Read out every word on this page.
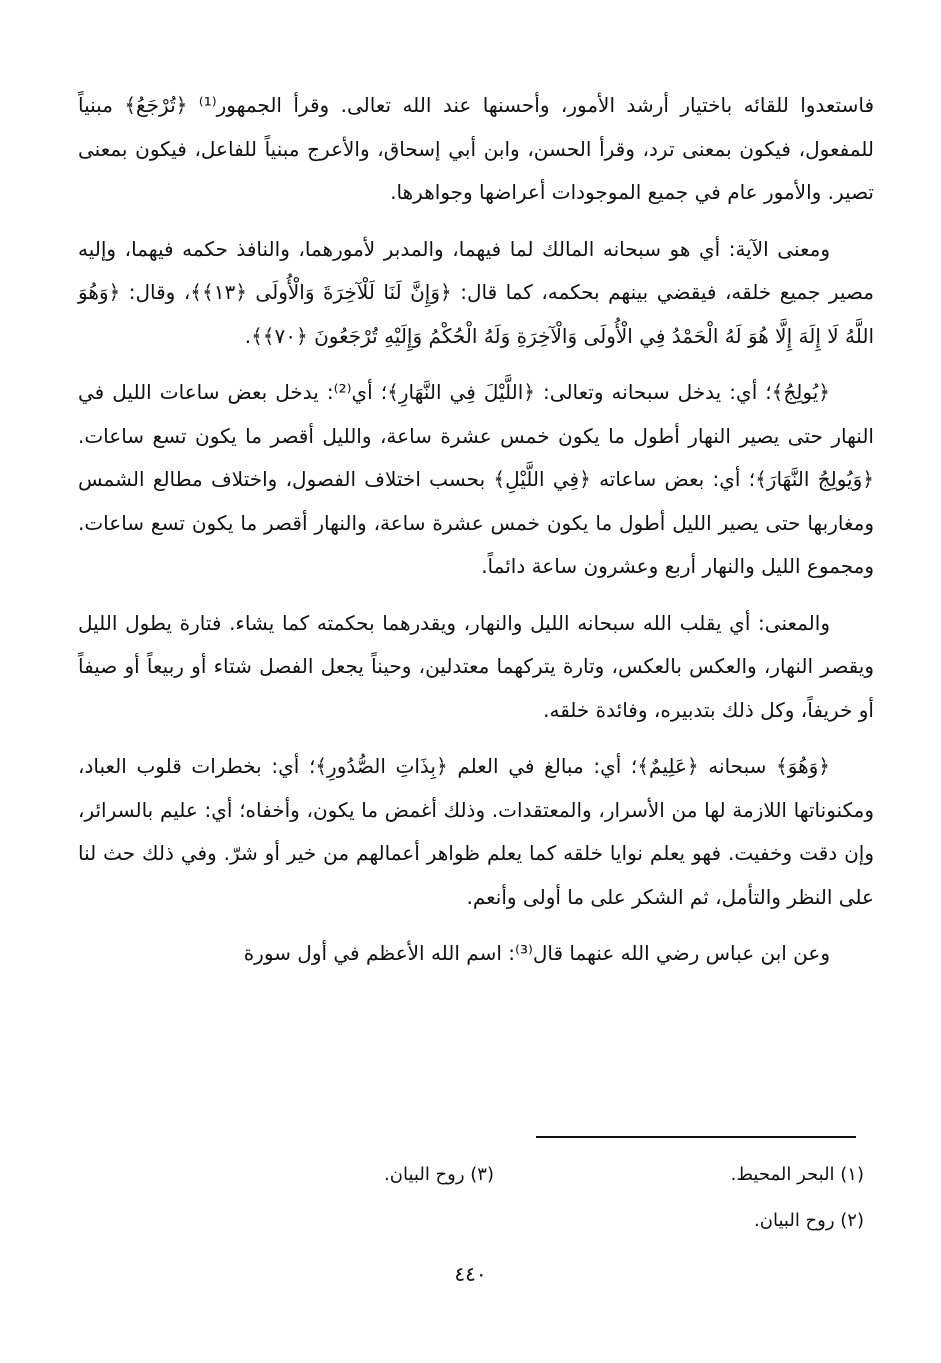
فاستعدوا للقائه باختيار أرشد الأمور، وأحسنها عند الله تعالى. وقرأ الجمهور⁽¹⁾ ﴿تُرْجَعُ﴾ مبنياً للمفعول، فيكون بمعنى ترد، وقرأ الحسن، وابن أبي إسحاق، والأعرج مبنياً للفاعل، فيكون بمعنى تصير. والأمور عام في جميع الموجودات أعراضها وجواهرها.

ومعنى الآية: أي هو سبحانه المالك لما فيهما، والمدبر لأمورهما، والنافذ حكمه فيهما، وإليه مصير جميع خلقه، فيقضي بينهم بحكمه، كما قال: ﴿وَإِنَّ لَنَا لَلْآخِرَةَ وَالْأُولَى ﴿١٣﴾﴾، وقال: ﴿وَهُوَ اللَّهُ لَا إِلَهَ إِلَّا هُوَ لَهُ الْحَمْدُ فِي الْأُولَى وَالْآخِرَةِ وَلَهُ الْحُكْمُ وَإِلَيْهِ تُرْجَعُونَ ﴿٧٠﴾﴾.

﴿يُولِجُ﴾؛ أي: يدخل سبحانه وتعالى: ﴿اللَّيْلَ فِي النَّهَارِ﴾؛ أي⁽²⁾: يدخل بعض ساعات الليل في النهار حتى يصير النهار أطول ما يكون خمس عشرة ساعة، والليل أقصر ما يكون تسع ساعات. ﴿وَيُولِجُ النَّهَارَ﴾؛ أي: بعض ساعاته ﴿فِي اللَّيْلِ﴾ بحسب اختلاف الفصول، واختلاف مطالع الشمس ومغاربها حتى يصير الليل أطول ما يكون خمس عشرة ساعة، والنهار أقصر ما يكون تسع ساعات. ومجموع الليل والنهار أربع وعشرون ساعة دائماً.

والمعنى: أي يقلب الله سبحانه الليل والنهار، ويقدرهما بحكمته كما يشاء. فتارة يطول الليل ويقصر النهار، والعكس بالعكس، وتارة يتركهما معتدلين، وحيناً يجعل الفصل شتاء أو ربيعاً أو صيفاً أو خريفاً، وكل ذلك بتدبيره، وفائدة خلقه.

﴿وَهُوَ﴾ سبحانه ﴿عَلِيمٌ﴾؛ أي: مبالغ في العلم ﴿بِذَاتِ الصُّدُورِ﴾؛ أي: بخطرات قلوب العباد، ومكنوناتها اللازمة لها من الأسرار، والمعتقدات. وذلك أغمض ما يكون، وأخفاه؛ أي: عليم بالسرائر، وإن دقت وخفيت. فهو يعلم نوايا خلقه كما يعلم ظواهر أعمالهم من خير أو شرّ. وفي ذلك حث لنا على النظر والتأمل، ثم الشكر على ما أولى وأنعم.

وعن ابن عباس رضي الله عنهما قال⁽³⁾: اسم الله الأعظم في أول سورة

(١) البحر المحيط.
(٣) روح البيان.
(٢) روح البيان.
٤٤٠
